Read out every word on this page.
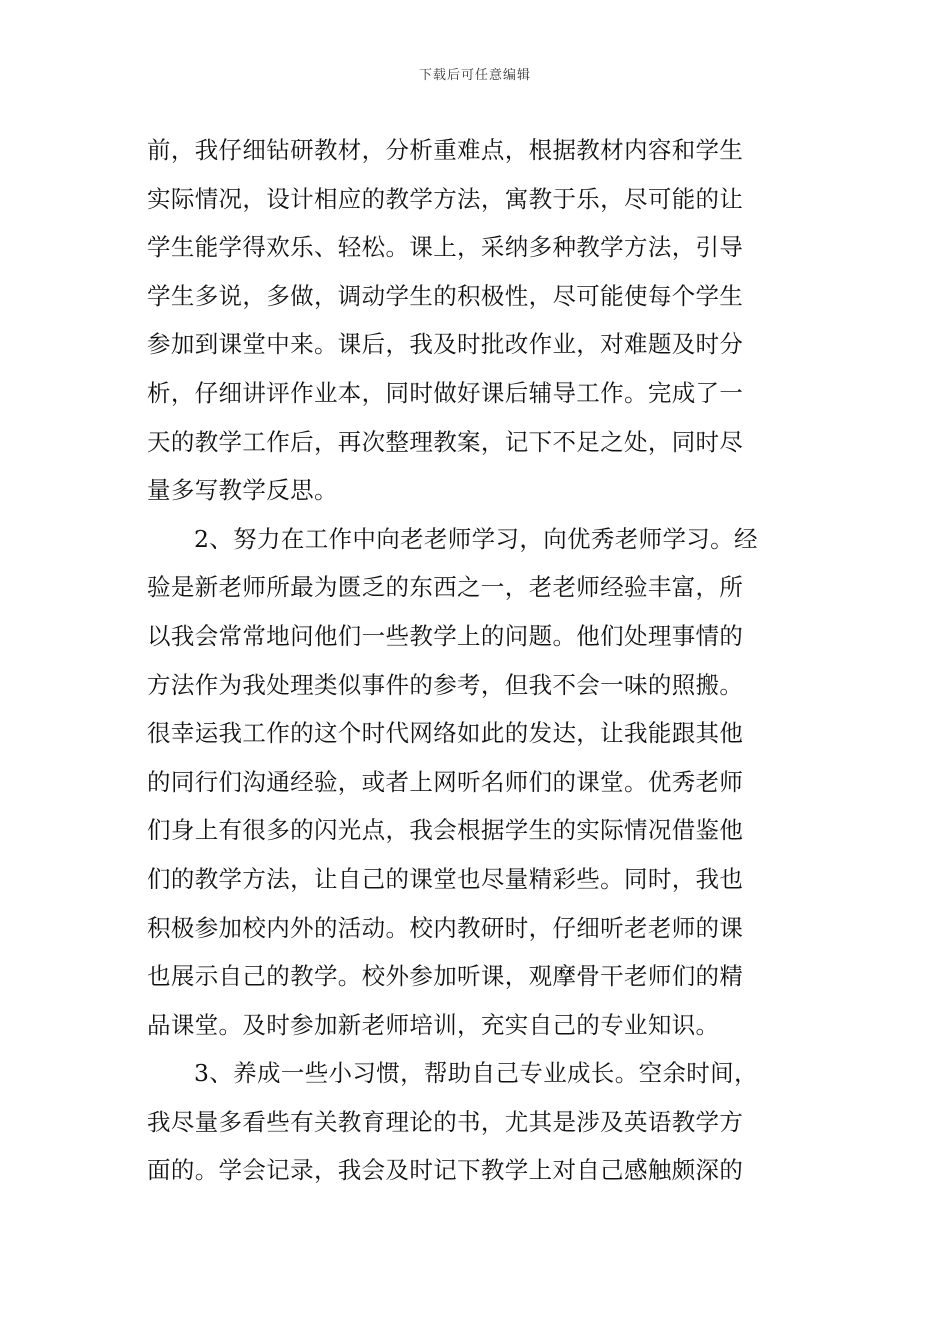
下载后可任意编辑
前，我仔细钻研教材，分析重难点，根据教材内容和学生
实际情况，设计相应的教学方法，寓教于乐，尽可能的让
学生能学得欢乐、轻松。课上，采纳多种教学方法，引导
学生多说，多做，调动学生的积极性，尽可能使每个学生
参加到课堂中来。课后，我及时批改作业，对难题及时分
析，仔细讲评作业本，同时做好课后辅导工作。完成了一
天的教学工作后，再次整理教案，记下不足之处，同时尽
量多写教学反思。
2、努力在工作中向老老师学习，向优秀老师学习。经
验是新老师所最为匮乏的东西之一，老老师经验丰富，所
以我会常常地问他们一些教学上的问题。他们处理事情的
方法作为我处理类似事件的参考，但我不会一味的照搬。
很幸运我工作的这个时代网络如此的发达，让我能跟其他
的同行们沟通经验，或者上网听名师们的课堂。优秀老师
们身上有很多的闪光点，我会根据学生的实际情况借鉴他
们的教学方法，让自己的课堂也尽量精彩些。同时，我也
积极参加校内外的活动。校内教研时，仔细听老老师的课
也展示自己的教学。校外参加听课，观摩骨干老师们的精
品课堂。及时参加新老师培训，充实自己的专业知识。
3、养成一些小习惯，帮助自己专业成长。空余时间，
我尽量多看些有关教育理论的书，尤其是涉及英语教学方
面的。学会记录，我会及时记下教学上对自己感触颇深的
